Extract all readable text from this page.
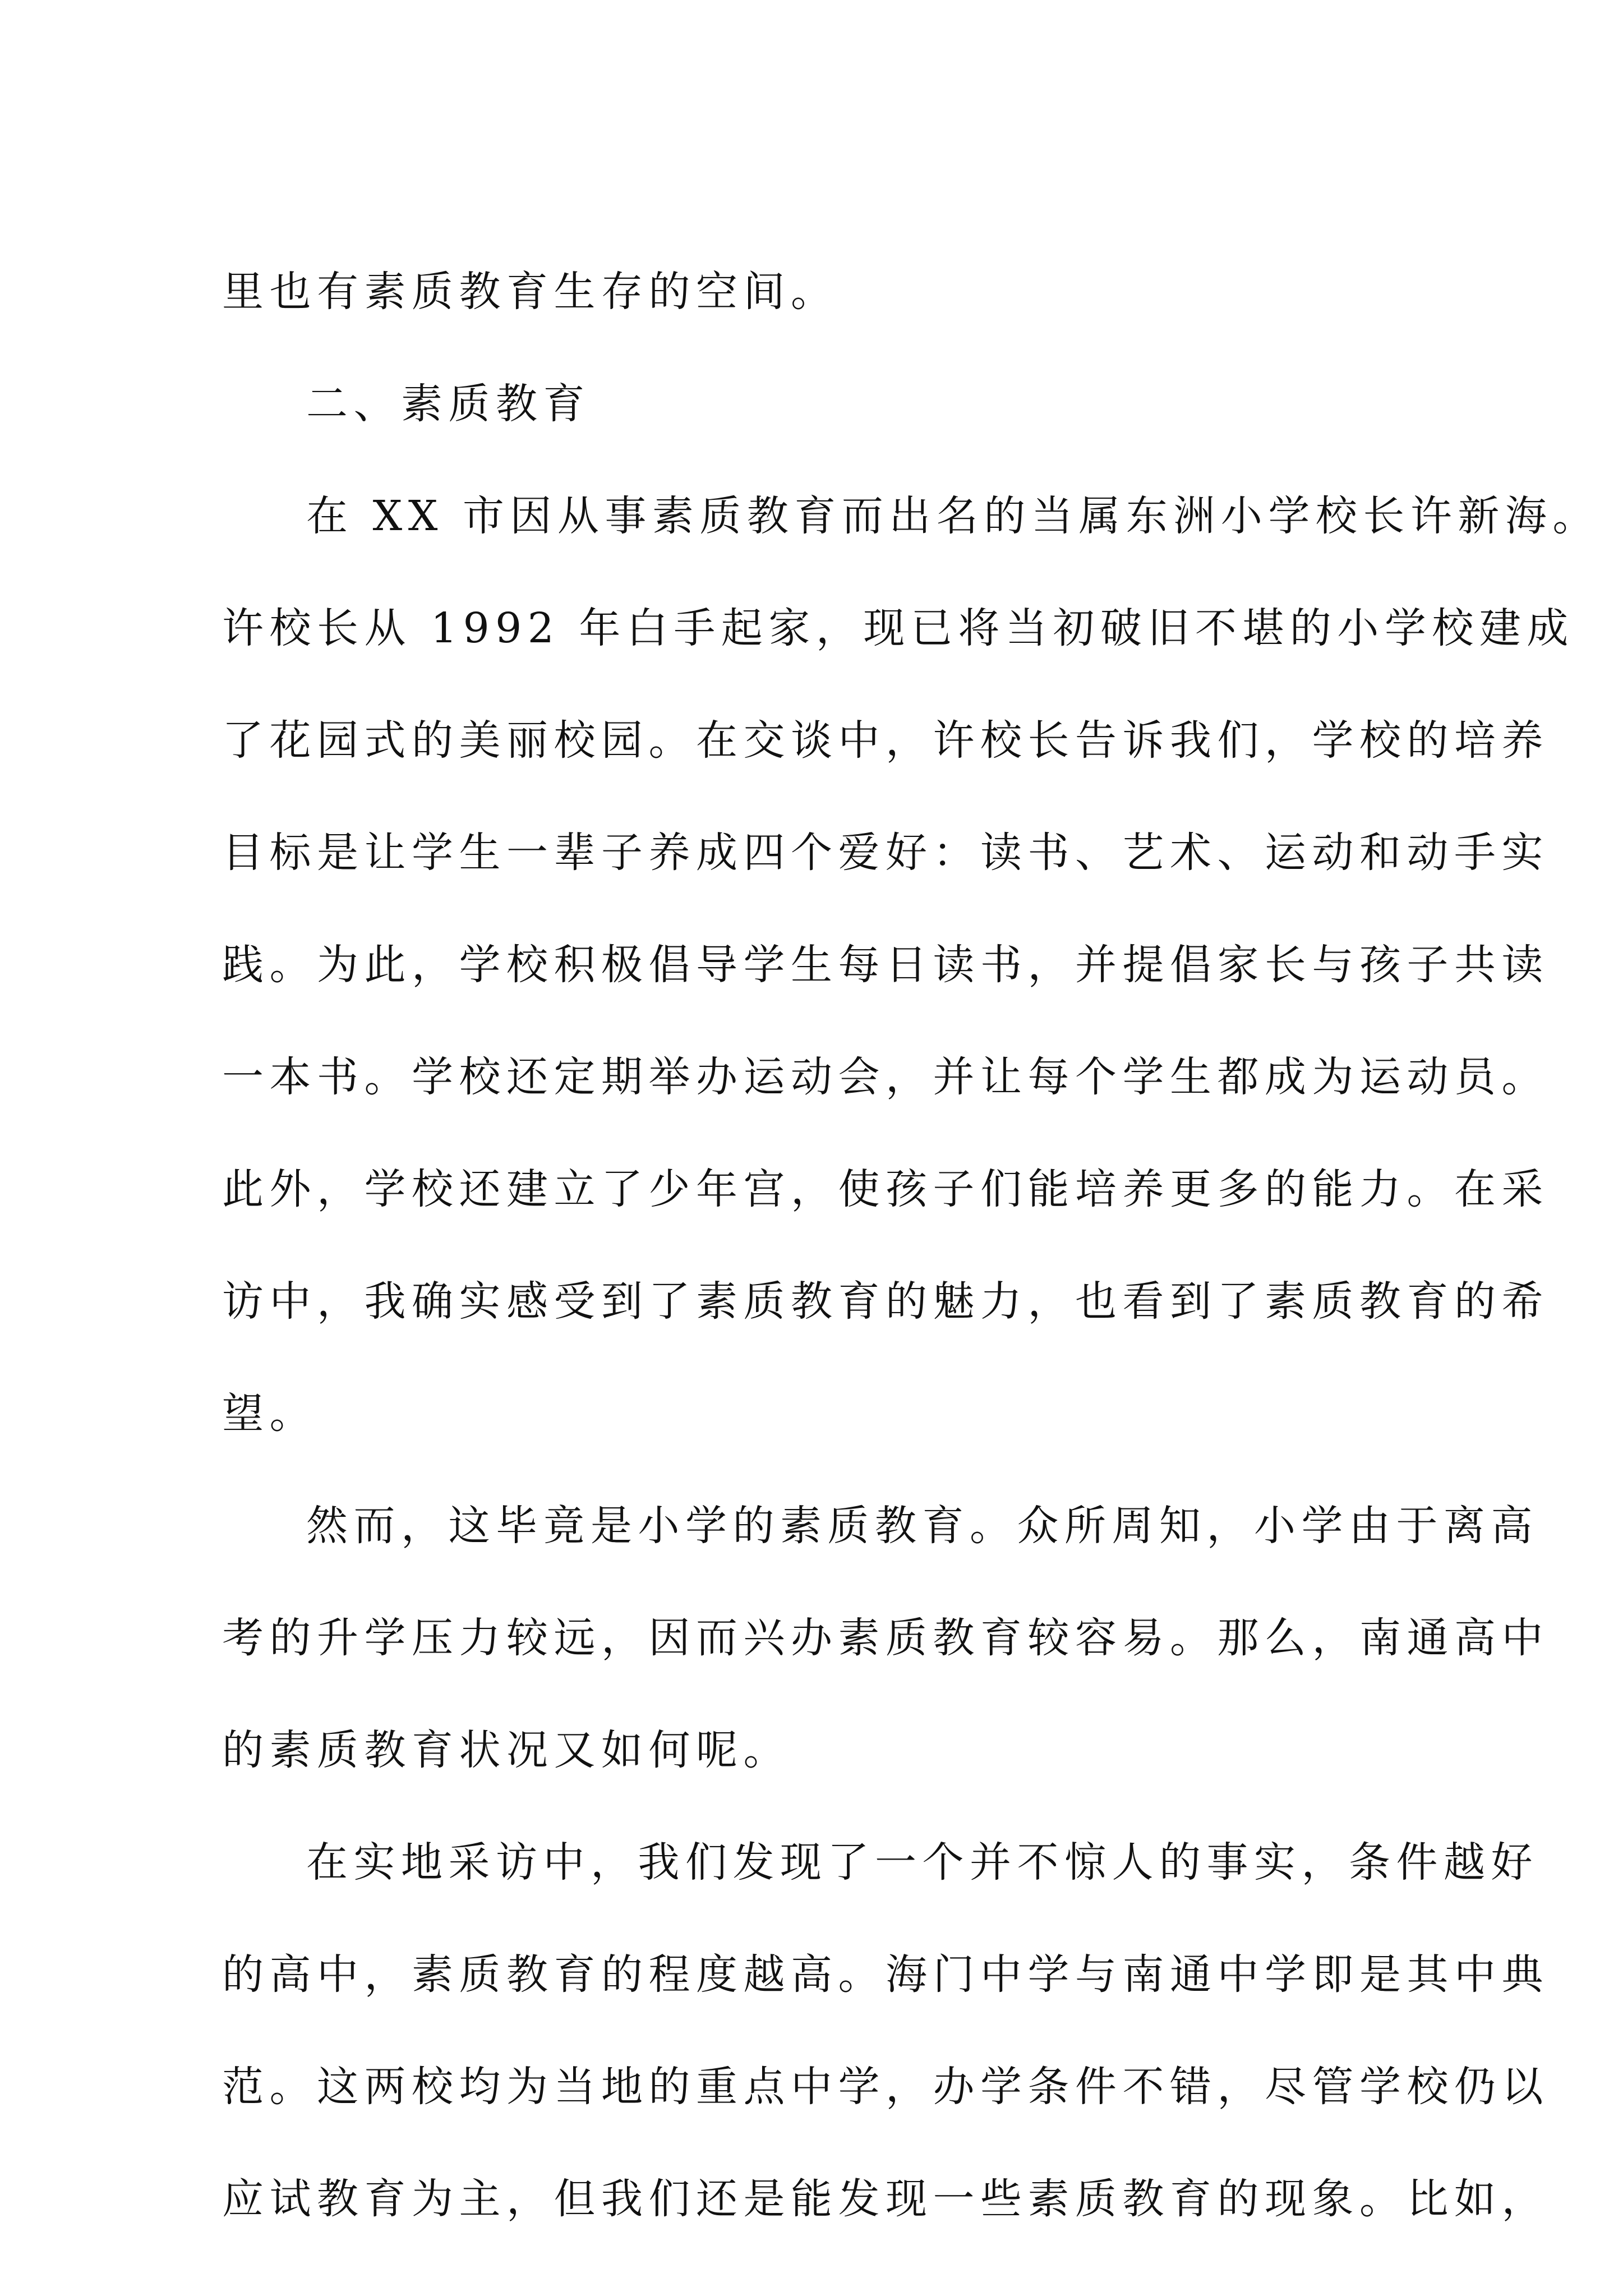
里也有素质教育生存的空间。
二、素质教育
在 XX 市因从事素质教育而出名的当属东洲小学校长许新海。
许校长从 1992 年白手起家，现已将当初破旧不堪的小学校建成
了花园式的美丽校园。在交谈中，许校长告诉我们，学校的培养
目标是让学生一辈子养成四个爱好：读书、艺术、运动和动手实
践。为此，学校积极倡导学生每日读书，并提倡家长与孩子共读
一本书。学校还定期举办运动会，并让每个学生都成为运动员。
此外，学校还建立了少年宫，使孩子们能培养更多的能力。在采
访中，我确实感受到了素质教育的魅力，也看到了素质教育的希
望。
然而，这毕竟是小学的素质教育。众所周知，小学由于离高
考的升学压力较远，因而兴办素质教育较容易。那么，南通高中
的素质教育状况又如何呢。
在实地采访中，我们发现了一个并不惊人的事实，条件越好
的高中，素质教育的程度越高。海门中学与南通中学即是其中典
范。这两校均为当地的重点中学，办学条件不错，尽管学校仍以
应试教育为主，但我们还是能发现一些素质教育的现象。比如，
